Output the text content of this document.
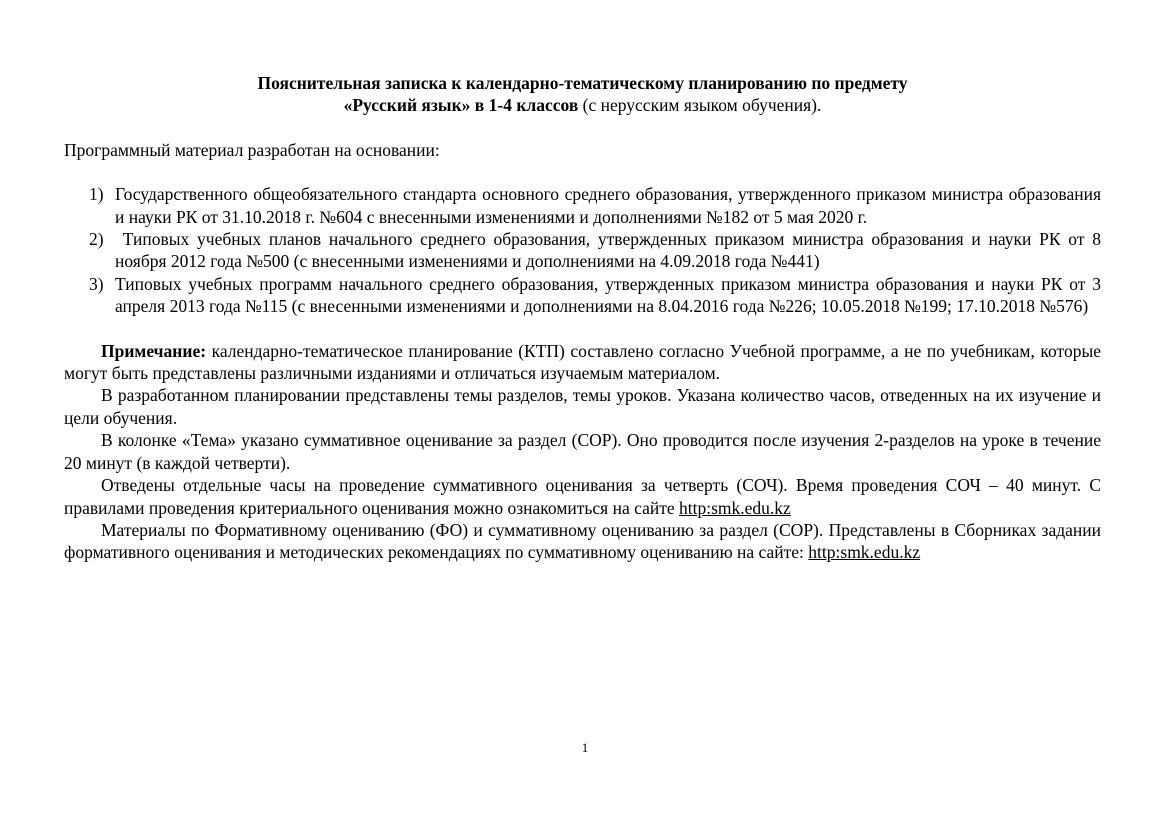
Пояснительная записка к календарно-тематическому планированию по предмету
«Русский язык» в 1-4 классов (с нерусским языком обучения).

Программный материал разработан на основании:

1) Государственного общеобязательного стандарта основного среднего образования, утвержденного приказом министра образования и науки РК от 31.10.2018 г. №604 с внесенными изменениями и дополнениями №182 от 5 мая 2020 г.
2) Типовых учебных планов начального среднего образования, утвержденных приказом министра образования и науки РК от 8 ноября 2012 года №500 (с внесенными изменениями и дополнениями на 4.09.2018 года №441)
3) Типовых учебных программ начального среднего образования, утвержденных приказом министра образования и науки РК от 3 апреля 2013 года №115 (с внесенными изменениями и дополнениями на 8.04.2016 года №226; 10.05.2018 №199; 17.10.2018 №576)

Примечание: календарно-тематическое планирование (КТП) составлено согласно Учебной программе, а не по учебникам, которые могут быть представлены различными изданиями и отличаться изучаемым материалом.

В разработанном планировании представлены темы разделов, темы уроков. Указана количество часов, отведенных на их изучение и цели обучения.

В колонке «Тема» указано суммативное оценивание за раздел (СОР). Оно проводится после изучения 2-разделов на уроке в течение 20 минут (в каждой четверти).

Отведены отдельные часы на проведение суммативного оценивания за четверть (СОЧ). Время проведения СОЧ – 40 минут. С правилами проведения критериального оценивания можно ознакомиться на сайте http:smk.edu.kz

Материалы по Формативному оцениванию (ФО) и суммативному оцениванию за раздел (СОР). Представлены в Сборниках задании формативного оценивания и методических рекомендациях по суммативному оцениванию на сайте: http:smk.edu.kz

1
